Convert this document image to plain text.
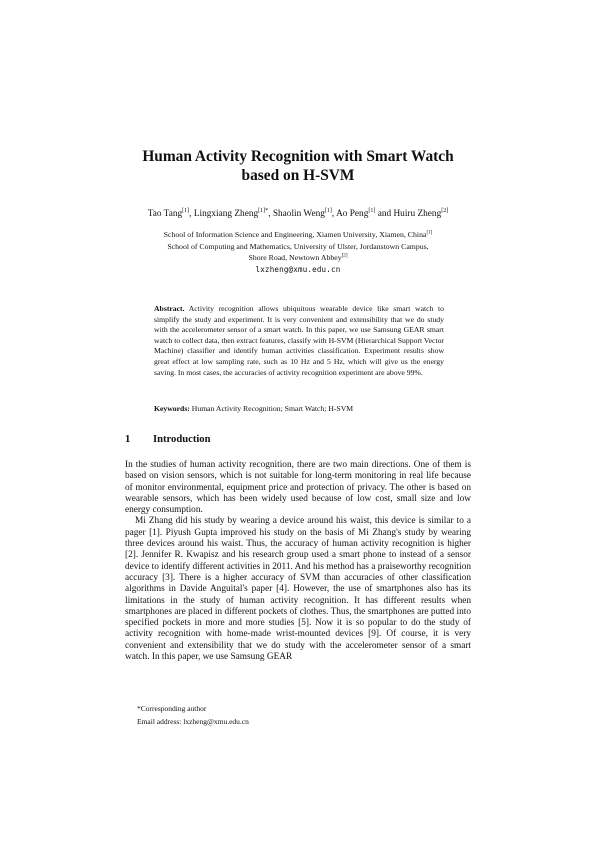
Human Activity Recognition with Smart Watch
based on H-SVM
Tao Tang[1], Lingxiang Zheng$^{[1]*}$, Shaolin Weng[1], Ao Peng[1] and Huiru Zheng[2]
School of Information Science and Engineering, Xiamen University, Xiamen, China[1]
School of Computing and Mathematics, University of Ulster, Jordanstown Campus,
Shore Road, Newtown Abbey[2]
lxzheng@xmu.edu.cn
Abstract. Activity recognition allows ubiquitous wearable device like smart watch to simplify the study and experiment. It is very convenient and extensibility that we do study with the accelerometer sensor of a smart watch. In this paper, we use Samsung GEAR smart watch to collect data, then extract features, classify with H-SVM (Hierarchical Support Vector Machine) classifier and identify human activities classification. Experiment results show great effect at low sampling rate, such as 10 Hz and 5 Hz, which will give us the energy saving. In most cases, the accuracies of activity recognition experiment are above 99%.
Keywords: Human Activity Recognition; Smart Watch; H-SVM
1 Introduction

In the studies of human activity recognition, there are two main directions. One of them is based on vision sensors, which is not suitable for long-term monitoring in real life because of monitor environmental, equipment price and protection of privacy. The other is based on wearable sensors, which has been widely used because of low cost, small size and low energy consumption.

Mi Zhang did his study by wearing a device around his waist, this device is similar to a pager [1]. Piyush Gupta improved his study on the basis of Mi Zhang's study by wearing three devices around his waist. Thus, the accuracy of human activity recognition is higher [2]. Jennifer R. Kwapisz and his research group used a smart phone to instead of a sensor device to identify different activities in 2011. And his method has a praiseworthy recognition accuracy [3]. There is a higher accuracy of SVM than accuracies of other classification algorithms in Davide Anguital's paper [4]. However, the use of smartphones also has its limitations in the study of human activity recognition. It has different results when smartphones are placed in different pockets of clothes. Thus, the smartphones are putted into specified pockets in more and more studies [5]. Now it is so popular to do the study of activity recognition with home-made wrist-mounted devices [9]. Of course, it is very convenient and extensibility that we do study with the accelerometer sensor of a smart watch. In this paper, we use Samsung GEAR

*Corresponding author
Email address: lxzheng@xmu.edu.cn
